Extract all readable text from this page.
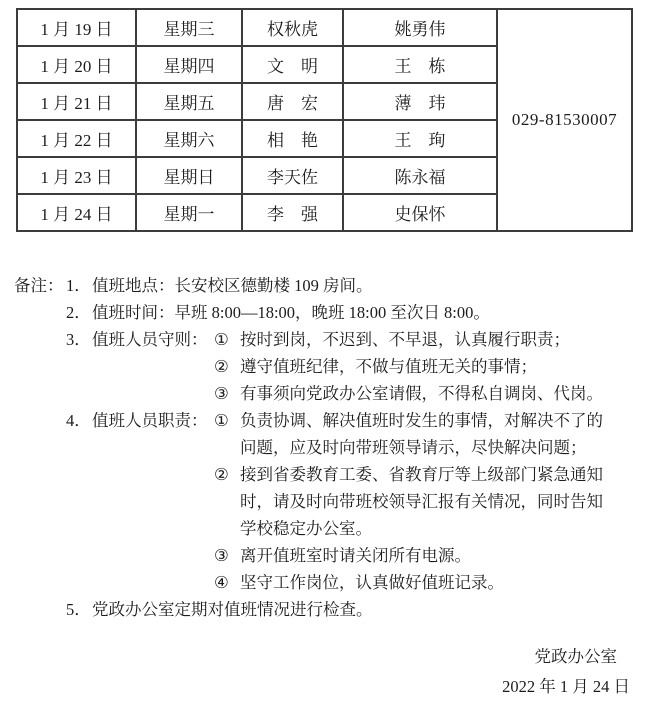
1 月 19 日	星期三	权秋虎	姚勇伟	029-81530007
1 月 20 日	星期四	文　明	王　栋	
1 月 21 日	星期五	唐　宏	薄　玮	
1 月 22 日	星期六	相　艳	王　珣	
1 月 23 日	星期日	李天佐	陈永福	
1 月 24 日	星期一	李　强	史保怀	
备注： 1． 值班地点：长安校区德勤楼 109 房间。
2． 值班时间：早班 8:00—18:00，晚班 18:00 至次日 8:00。
3． 值班人员守则： ① 按时到岗，不迟到、不早退，认真履行职责；
② 遵守值班纪律，不做与值班无关的事情；
③ 有事须向党政办公室请假，不得私自调岗、代岗。
4． 值班人员职责： ① 负责协调、解决值班时发生的事情，对解决不了的
问题，应及时向带班领导请示，尽快解决问题；
② 接到省委教育工委、省教育厅等上级部门紧急通知
时，请及时向带班校领导汇报有关情况，同时告知
学校稳定办公室。
③ 离开值班室时请关闭所有电源。
④ 坚守工作岗位，认真做好值班记录。
5． 党政办公室定期对值班情况进行检查。
党政办公室
2022 年 1 月 24 日
